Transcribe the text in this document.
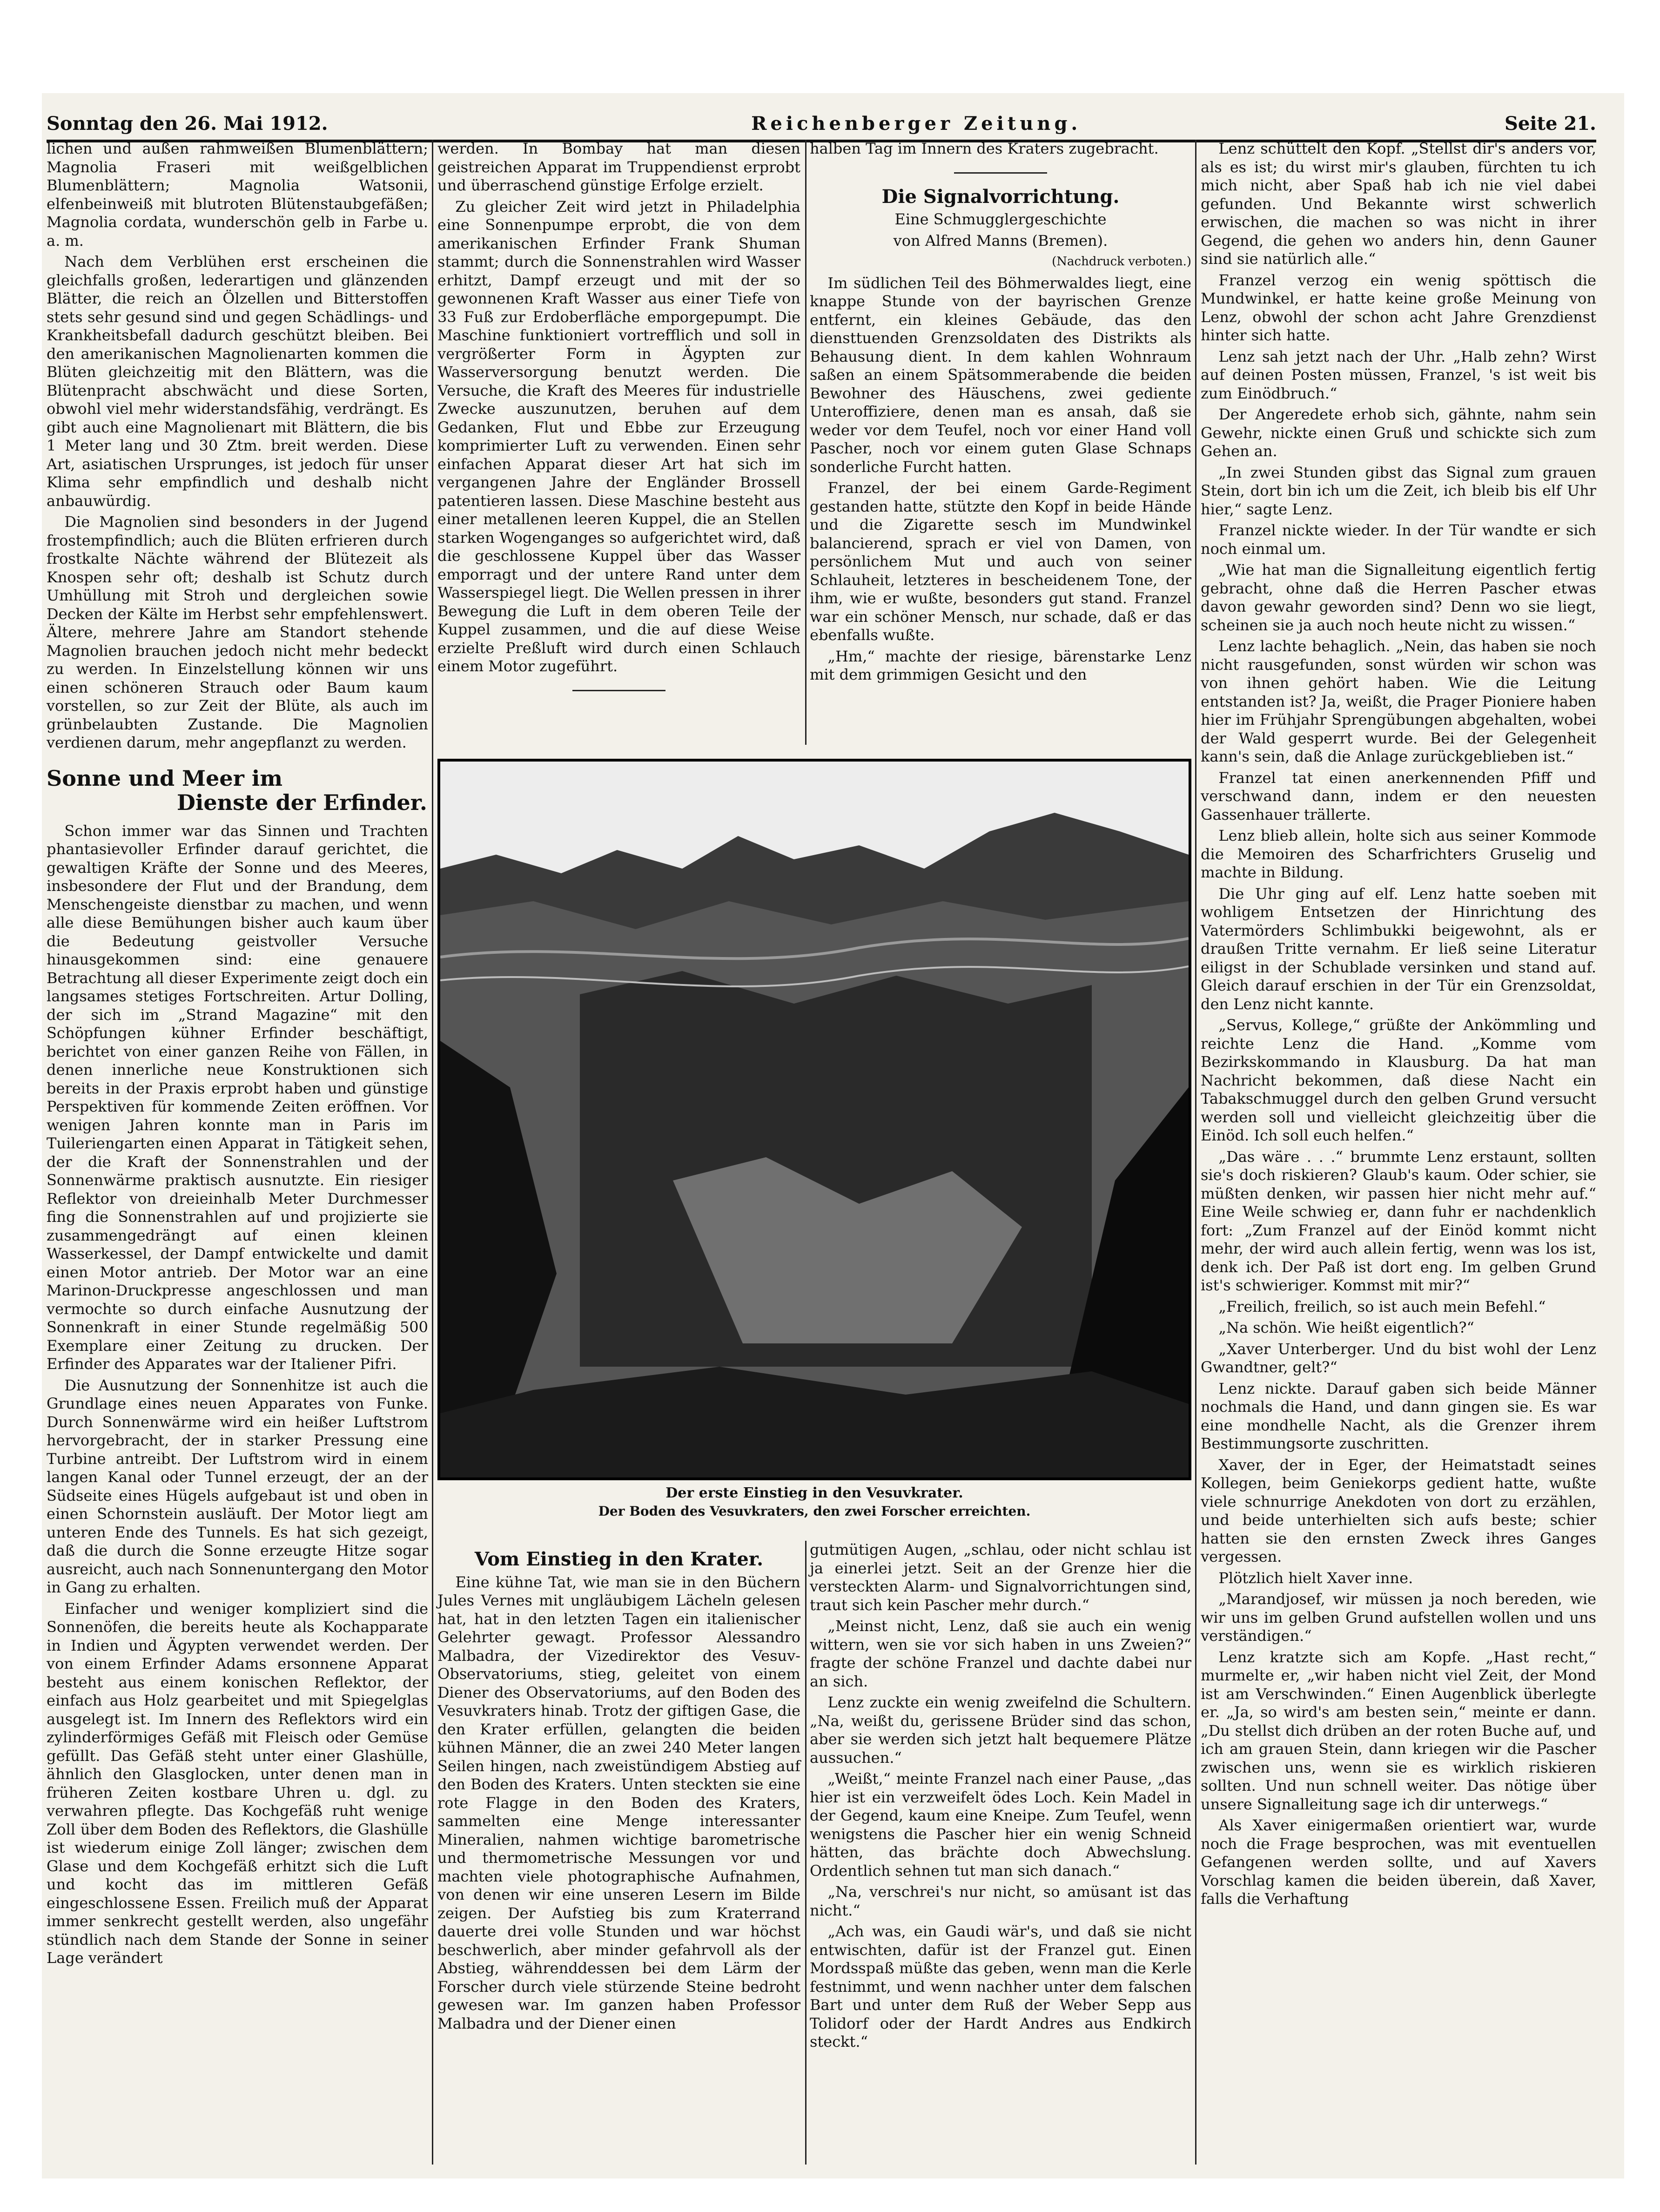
Sonntag den 26. Mai 1912.	Reichenberger Zeitung.	Seite 21.

lichen und außen rahmweißen Blumenblättern; Magnolia Fraseri mit weißgelblichen Blumenblättern; Magnolia Watsonii, elfenbeinweiß mit blutroten Blütenstaubgefäßen; Magnolia cordata, wunderschön gelb in Farbe u. a. m.

Nach dem Verblühen erst erscheinen die gleichfalls großen, lederartigen und glänzenden Blätter, die reich an Ölzellen und Bitterstoffen stets sehr gesund sind und gegen Schädlings- und Krankheitsbefall dadurch geschützt bleiben. Bei den amerikanischen Magnolienarten kommen die Blüten gleichzeitig mit den Blättern, was die Blütenpracht abschwächt und diese Sorten, obwohl viel mehr widerstandsfähig, verdrängt. Es gibt auch eine Magnolienart mit Blättern, die bis 1 Meter lang und 30 Ztm. breit werden. Diese Art, asiatischen Ursprunges, ist jedoch für unser Klima sehr empfindlich und deshalb nicht anbauwürdig.

Die Magnolien sind besonders in der Jugend frostempfindlich; auch die Blüten erfrieren durch frostkalte Nächte während der Blütezeit als Knospen sehr oft; deshalb ist Schutz durch Umhüllung mit Stroh und dergleichen sowie Decken der Kälte im Herbst sehr empfehlenswert. Ältere, mehrere Jahre am Standort stehende Magnolien brauchen jedoch nicht mehr bedeckt zu werden. In Einzelstellung können wir uns einen schöneren Strauch oder Baum kaum vorstellen, so zur Zeit der Blüte, als auch im grünbelaubten Zustande. Die Magnolien verdienen darum, mehr angepflanzt zu werden.

Sonne und Meer im
Dienste der Erfinder.

Schon immer war das Sinnen und Trachten phantasievoller Erfinder darauf gerichtet, die gewaltigen Kräfte der Sonne und des Meeres, insbesondere der Flut und der Brandung, dem Menschengeiste dienstbar zu machen, und wenn alle diese Bemühungen bisher auch kaum über die Bedeutung geistvoller Versuche hinausgekommen sind: eine genauere Betrachtung all dieser Experimente zeigt doch ein langsames stetiges Fortschreiten. Artur Dolling, der sich im „Strand Magazine“ mit den Schöpfungen kühner Erfinder beschäftigt, berichtet von einer ganzen Reihe von Fällen, in denen innerliche neue Konstruktionen sich bereits in der Praxis erprobt haben und günstige Perspektiven für kommende Zeiten eröffnen. Vor wenigen Jahren konnte man in Paris im Tuileriengarten einen Apparat in Tätigkeit sehen, der die Kraft der Sonnenstrahlen und der Sonnenwärme praktisch ausnutzte. Ein riesiger Reflektor von dreieinhalb Meter Durchmesser fing die Sonnenstrahlen auf und projizierte sie zusammengedrängt auf einen kleinen Wasserkessel, der Dampf entwickelte und damit einen Motor antrieb. Der Motor war an eine Marinon-Druckpresse angeschlossen und man vermochte so durch einfache Ausnutzung der Sonnenkraft in einer Stunde regelmäßig 500 Exemplare einer Zeitung zu drucken. Der Erfinder des Apparates war der Italiener Pifri.

Die Ausnutzung der Sonnenhitze ist auch die Grundlage eines neuen Apparates von Funke. Durch Sonnenwärme wird ein heißer Luftstrom hervorgebracht, der in starker Pressung eine Turbine antreibt. Der Luftstrom wird in einem langen Kanal oder Tunnel erzeugt, der an der Südseite eines Hügels aufgebaut ist und oben in einen Schornstein ausläuft. Der Motor liegt am unteren Ende des Tunnels. Es hat sich gezeigt, daß die durch die Sonne erzeugte Hitze sogar ausreicht, auch nach Sonnenuntergang den Motor in Gang zu erhalten.

Einfacher und weniger kompliziert sind die Sonnenöfen, die bereits heute als Kochapparate in Indien und Ägypten verwendet werden. Der von einem Erfinder Adams ersonnene Apparat besteht aus einem konischen Reflektor, der einfach aus Holz gearbeitet und mit Spiegelglas ausgelegt ist. Im Innern des Reflektors wird ein zylinderförmiges Gefäß mit Fleisch oder Gemüse gefüllt. Das Gefäß steht unter einer Glashülle, ähnlich den Glasglocken, unter denen man in früheren Zeiten kostbare Uhren u. dgl. zu verwahren pflegte. Das Kochgefäß ruht wenige Zoll über dem Boden des Reflektors, die Glashülle ist wiederum einige Zoll länger; zwischen dem Glase und dem Kochgefäß erhitzt sich die Luft und kocht das im mittleren Gefäß eingeschlossene Essen. Freilich muß der Apparat immer senkrecht gestellt werden, also ungefähr stündlich nach dem Stande der Sonne in seiner Lage verändert

werden. In Bombay hat man diesen geistreichen Apparat im Truppendienst erprobt und überraschend günstige Erfolge erzielt.

Zu gleicher Zeit wird jetzt in Philadelphia eine Sonnenpumpe erprobt, die von dem amerikanischen Erfinder Frank Shuman stammt; durch die Sonnenstrahlen wird Wasser erhitzt, Dampf erzeugt und mit der so gewonnenen Kraft Wasser aus einer Tiefe von 33 Fuß zur Erdoberfläche emporgepumpt. Die Maschine funktioniert vortrefflich und soll in vergrößerter Form in Ägypten zur Wasserversorgung benutzt werden. Die Versuche, die Kraft des Meeres für industrielle Zwecke auszunutzen, beruhen auf dem Gedanken, Flut und Ebbe zur Erzeugung komprimierter Luft zu verwenden. Einen sehr einfachen Apparat dieser Art hat sich im vergangenen Jahre der Engländer Brossell patentieren lassen. Diese Maschine besteht aus einer metallenen leeren Kuppel, die an Stellen starken Wogenganges so aufgerichtet wird, daß die geschlossene Kuppel über das Wasser emporragt und der untere Rand unter dem Wasserspiegel liegt. Die Wellen pressen in ihrer Bewegung die Luft in dem oberen Teile der Kuppel zusammen, und die auf diese Weise erzielte Preßluft wird durch einen Schlauch einem Motor zugeführt.

halben Tag im Innern des Kraters zugebracht.

Die Signalvorrichtung.

Eine Schmugglergeschichte

von Alfred Manns (Bremen).

(Nachdruck verboten.)

Im südlichen Teil des Böhmerwaldes liegt, eine knappe Stunde von der bayrischen Grenze entfernt, ein kleines Gebäude, das den diensttuenden Grenzsoldaten des Distrikts als Behausung dient. In dem kahlen Wohnraum saßen an einem Spätsommerabende die beiden Bewohner des Häuschens, zwei gediente Unteroffiziere, denen man es ansah, daß sie weder vor dem Teufel, noch vor einer Hand voll Pascher, noch vor einem guten Glase Schnaps sonderliche Furcht hatten.

Franzel, der bei einem Garde-Regiment gestanden hatte, stützte den Kopf in beide Hände und die Zigarette sesch im Mundwinkel balancierend, sprach er viel von Damen, von persönlichem Mut und auch von seiner Schlauheit, letzteres in bescheidenem Tone, der ihm, wie er wußte, besonders gut stand. Franzel war ein schöner Mensch, nur schade, daß er das ebenfalls wußte.

„Hm,“ machte der riesige, bärenstarke Lenz mit dem grimmigen Gesicht und den

Der erste Einstieg in den Vesuvkrater.
Der Boden des Vesuvkraters, den zwei Forscher erreichten.
Vom Einstieg in den Krater.

Eine kühne Tat, wie man sie in den Büchern Jules Vernes mit ungläubigem Lächeln gelesen hat, hat in den letzten Tagen ein italienischer Gelehrter gewagt. Professor Alessandro Malbadra, der Vizedirektor des Vesuv-Observatoriums, stieg, geleitet von einem Diener des Observatoriums, auf den Boden des Vesuvkraters hinab. Trotz der giftigen Gase, die den Krater erfüllen, gelangten die beiden kühnen Männer, die an zwei 240 Meter langen Seilen hingen, nach zweistündigem Abstieg auf den Boden des Kraters. Unten steckten sie eine rote Flagge in den Boden des Kraters, sammelten eine Menge interessanter Mineralien, nahmen wichtige barometrische und thermometrische Messungen vor und machten viele photographische Aufnahmen, von denen wir eine unseren Lesern im Bilde zeigen. Der Aufstieg bis zum Kraterrand dauerte drei volle Stunden und war höchst beschwerlich, aber minder gefahrvoll als der Abstieg, währenddessen bei dem Lärm der Forscher durch viele stürzende Steine bedroht gewesen war. Im ganzen haben Professor Malbadra und der Diener einen

gutmütigen Augen, „schlau, oder nicht schlau ist ja einerlei jetzt. Seit an der Grenze hier die versteckten Alarm- und Signalvorrichtungen sind, traut sich kein Pascher mehr durch.“

„Meinst nicht, Lenz, daß sie auch ein wenig wittern, wen sie vor sich haben in uns Zweien?“ fragte der schöne Franzel und dachte dabei nur an sich.

Lenz zuckte ein wenig zweifelnd die Schultern. „Na, weißt du, gerissene Brüder sind das schon, aber sie werden sich jetzt halt bequemere Plätze aussuchen.“

„Weißt,“ meinte Franzel nach einer Pause, „das hier ist ein verzweifelt ödes Loch. Kein Madel in der Gegend, kaum eine Kneipe. Zum Teufel, wenn wenigstens die Pascher hier ein wenig Schneid hätten, das brächte doch Abwechslung. Ordentlich sehnen tut man sich danach.“

„Na, verschrei's nur nicht, so amüsant ist das nicht.“

„Ach was, ein Gaudi wär's, und daß sie nicht entwischten, dafür ist der Franzel gut. Einen Mordsspaß müßte das geben, wenn man die Kerle festnimmt, und wenn nachher unter dem falschen Bart und unter dem Ruß der Weber Sepp aus Tolidorf oder der Hardt Andres aus Endkirch steckt.“

Lenz schüttelt den Kopf. „Stellst dir's anders vor, als es ist; du wirst mir's glauben, fürchten tu ich mich nicht, aber Spaß hab ich nie viel dabei gefunden. Und Bekannte wirst schwerlich erwischen, die machen so was nicht in ihrer Gegend, die gehen wo anders hin, denn Gauner sind sie natürlich alle.“

Franzel verzog ein wenig spöttisch die Mundwinkel, er hatte keine große Meinung von Lenz, obwohl der schon acht Jahre Grenzdienst hinter sich hatte.

Lenz sah jetzt nach der Uhr. „Halb zehn? Wirst auf deinen Posten müssen, Franzel, 's ist weit bis zum Einödbruch.“

Der Angeredete erhob sich, gähnte, nahm sein Gewehr, nickte einen Gruß und schickte sich zum Gehen an.

„In zwei Stunden gibst das Signal zum grauen Stein, dort bin ich um die Zeit, ich bleib bis elf Uhr hier,“ sagte Lenz.

Franzel nickte wieder. In der Tür wandte er sich noch einmal um.

„Wie hat man die Signalleitung eigentlich fertig gebracht, ohne daß die Herren Pascher etwas davon gewahr geworden sind? Denn wo sie liegt, scheinen sie ja auch noch heute nicht zu wissen.“

Lenz lachte behaglich. „Nein, das haben sie noch nicht rausgefunden, sonst würden wir schon was von ihnen gehört haben. Wie die Leitung entstanden ist? Ja, weißt, die Prager Pioniere haben hier im Frühjahr Sprengübungen abgehalten, wobei der Wald gesperrt wurde. Bei der Gelegenheit kann's sein, daß die Anlage zurückgeblieben ist.“

Franzel tat einen anerkennenden Pfiff und verschwand dann, indem er den neuesten Gassenhauer trällerte.

Lenz blieb allein, holte sich aus seiner Kommode die Memoiren des Scharfrichters Gruselig und machte in Bildung.

Die Uhr ging auf elf. Lenz hatte soeben mit wohligem Entsetzen der Hinrichtung des Vatermörders Schlimbukki beigewohnt, als er draußen Tritte vernahm. Er ließ seine Literatur eiligst in der Schublade versinken und stand auf. Gleich darauf erschien in der Tür ein Grenzsoldat, den Lenz nicht kannte.

„Servus, Kollege,“ grüßte der Ankömmling und reichte Lenz die Hand. „Komme vom Bezirkskommando in Klausburg. Da hat man Nachricht bekommen, daß diese Nacht ein Tabakschmuggel durch den gelben Grund versucht werden soll und vielleicht gleichzeitig über die Einöd. Ich soll euch helfen.“

„Das wäre . . .“ brummte Lenz erstaunt, sollten sie's doch riskieren? Glaub's kaum. Oder schier, sie müßten denken, wir passen hier nicht mehr auf.“ Eine Weile schwieg er, dann fuhr er nachdenklich fort: „Zum Franzel auf der Einöd kommt nicht mehr, der wird auch allein fertig, wenn was los ist, denk ich. Der Paß ist dort eng. Im gelben Grund ist's schwieriger. Kommst mit mir?“

„Freilich, freilich, so ist auch mein Befehl.“

„Na schön. Wie heißt eigentlich?“

„Xaver Unterberger. Und du bist wohl der Lenz Gwandtner, gelt?“

Lenz nickte. Darauf gaben sich beide Männer nochmals die Hand, und dann gingen sie. Es war eine mondhelle Nacht, als die Grenzer ihrem Bestimmungsorte zuschritten.

Xaver, der in Eger, der Heimatstadt seines Kollegen, beim Geniekorps gedient hatte, wußte viele schnurrige Anekdoten von dort zu erzählen, und beide unterhielten sich aufs beste; schier hatten sie den ernsten Zweck ihres Ganges vergessen.

Plötzlich hielt Xaver inne.

„Marandjosef, wir müssen ja noch bereden, wie wir uns im gelben Grund aufstellen wollen und uns verständigen.“

Lenz kratzte sich am Kopfe. „Hast recht,“ murmelte er, „wir haben nicht viel Zeit, der Mond ist am Verschwinden.“ Einen Augenblick überlegte er. „Ja, so wird's am besten sein,“ meinte er dann. „Du stellst dich drüben an der roten Buche auf, und ich am grauen Stein, dann kriegen wir die Pascher zwischen uns, wenn sie es wirklich riskieren sollten. Und nun schnell weiter. Das nötige über unsere Signalleitung sage ich dir unterwegs.“

Als Xaver einigermaßen orientiert war, wurde noch die Frage besprochen, was mit eventuellen Gefangenen werden sollte, und auf Xavers Vorschlag kamen die beiden überein, daß Xaver, falls die Verhaftung
